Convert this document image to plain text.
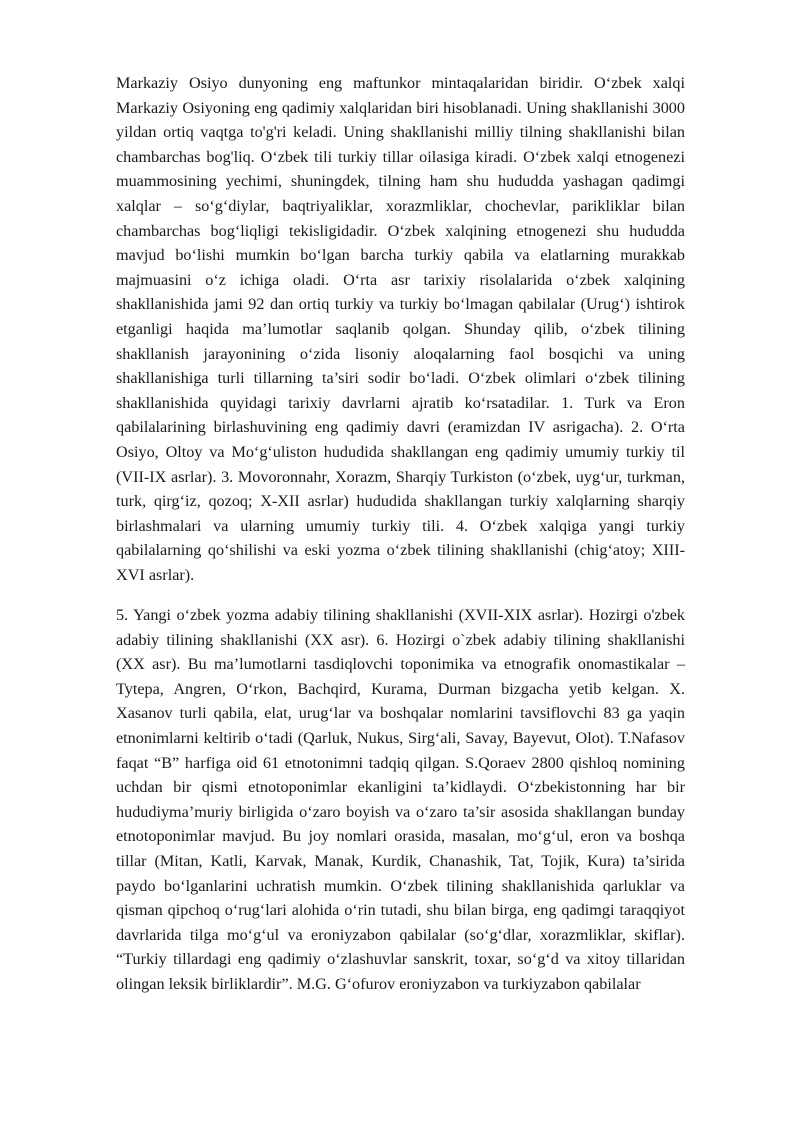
Markaziy Osiyo dunyoning eng maftunkor mintaqalaridan biridir. O‘zbek xalqi Markaziy Osiyoning eng qadimiy xalqlaridan biri hisoblanadi. Uning shakllanishi 3000 yildan ortiq vaqtga to'g'ri keladi. Uning shakllanishi milliy tilning shakllanishi bilan chambarchas bog'liq. O‘zbek tili turkiy tillar oilasiga kiradi. O‘zbek xalqi etnogenezi muammosining yechimi, shuningdek, tilning ham shu hududda yashagan qadimgi xalqlar – so‘g‘diylar, baqtriyaliklar, xorazmliklar, chochevlar, parikliklar bilan chambarchas bog‘liqligi tekisligidadir. O‘zbek xalqining etnogenezi shu hududda mavjud bo‘lishi mumkin bo‘lgan barcha turkiy qabila va elatlarning murakkab majmuasini o‘z ichiga oladi. O‘rta asr tarixiy risolalarida o‘zbek xalqining shakllanishida jami 92 dan ortiq turkiy va turkiy bo‘lmagan qabilalar (Urug‘) ishtirok etganligi haqida ma’lumotlar saqlanib qolgan. Shunday qilib, o‘zbek tilining shakllanish jarayonining o‘zida lisoniy aloqalarning faol bosqichi va uning shakllanishiga turli tillarning ta’siri sodir bo‘ladi. O‘zbek olimlari o‘zbek tilining shakllanishida quyidagi tarixiy davrlarni ajratib ko‘rsatadilar. 1. Turk va Eron qabilalarining birlashuvining eng qadimiy davri (eramizdan IV asrigacha). 2. O‘rta Osiyo, Oltoy va Mo‘g‘uliston hududida shakllangan eng qadimiy umumiy turkiy til (VII-IX asrlar). 3. Movoronnahr, Xorazm, Sharqiy Turkiston (o‘zbek, uyg‘ur, turkman, turk, qirg‘iz, qozoq; X-XII asrlar) hududida shakllangan turkiy xalqlarning sharqiy birlashmalari va ularning umumiy turkiy tili. 4. O‘zbek xalqiga yangi turkiy qabilalarning qo‘shilishi va eski yozma o‘zbek tilining shakllanishi (chig‘atoy; XIII-XVI asrlar).

5. Yangi o‘zbek yozma adabiy tilining shakllanishi (XVII-XIX asrlar). Hozirgi o'zbek adabiy tilining shakllanishi (XX asr). 6. Hozirgi o`zbek adabiy tilining shakllanishi (XX asr). Bu ma’lumotlarni tasdiqlovchi toponimika va etnografik onomastikalar – Tytepa, Angren, O‘rkon, Bachqird, Kurama, Durman bizgacha yetib kelgan. X. Xasanov turli qabila, elat, urug‘lar va boshqalar nomlarini tavsiflovchi 83 ga yaqin etnonimlarni keltirib o‘tadi (Qarluk, Nukus, Sirg‘ali, Savay, Bayevut, Olot). T.Nafasov faqat “B” harfiga oid 61 etnotonimni tadqiq qilgan. S.Qoraev 2800 qishloq nomining uchdan bir qismi etnotoponimlar ekanligini ta’kidlaydi. O‘zbekistonning har bir hududiyma’muriy birligida o‘zaro boyish va o‘zaro ta’sir asosida shakllangan bunday etnotoponimlar mavjud. Bu joy nomlari orasida, masalan, mo‘g‘ul, eron va boshqa tillar (Mitan, Katli, Karvak, Manak, Kurdik, Chanashik, Tat, Tojik, Kura) ta’sirida paydo bo‘lganlarini uchratish mumkin. O‘zbek tilining shakllanishida qarluklar va qisman qipchoq o‘rug‘lari alohida o‘rin tutadi, shu bilan birga, eng qadimgi taraqqiyot davrlarida tilga mo‘g‘ul va eroniyzabon qabilalar (so‘g‘dlar, xorazmliklar, skiflar). “Turkiy tillardagi eng qadimiy o‘zlashuvlar sanskrit, toxar, so‘g‘d va xitoy tillaridan olingan leksik birliklardir”. M.G. G‘ofurov eroniyzabon va turkiyzabon qabilalar
